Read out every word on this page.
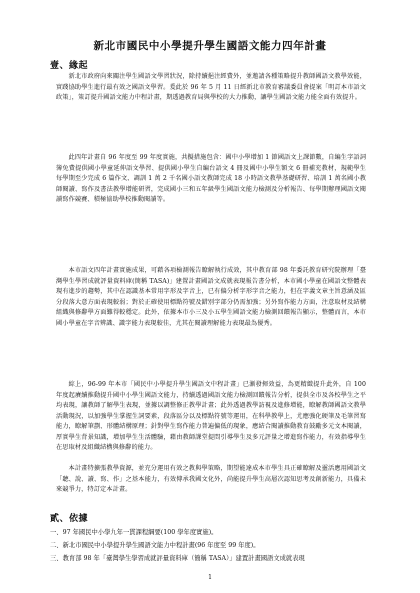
新北市國民中小學提升學生國語文能力四年計畫
壹、緣起

新北市政府向來關注學生國語文學習狀況，除持續挹注經費外，並邀請各種策略提升教師國語文教學效能，實踐協助學生進行最有效之國語文學習。爰此於 96 年 5 月 11 日經新北市教育審議委員會提案「明訂本市語文政策」，策訂提升國語文能力中程計畫，期透過教育局與學校的大力推動，讓學生國語文能力能全面有效提升。

此四年計畫自 96 年度至 99 年度實施，共擬措施包含：國中小學增加 1 節國語文上課節數，自編生字語詞簿免費提供國小學童延伸語文學習、提供國小學生自編台語文 4 冊及國中小學生額文 6 冊補充教材，規範學生每學期至少完成 6 篇作文、調訓 1 萬 2 千名國小語文教師完成 18 小時語文教學基礎研習、培訓 1 萬名國小教師閱讀、寫作及書法教學增能研習，完成國小三和五年級學生國語文能力檢測及分析報告、每學期辦理國語文閱讀寫作競賽、積極協助學校推動閱讀等。

本市語文四年計畫實施成果，可藉各項檢測報告瞭解執行成效，其中教育部 98 年委託教育研究院辦理「臺灣學生學習成就評量資料庫(簡稱 TASA)」建置計畫國語文成就表現報告書分析，本市國小學童在國語文整體表現有進步的趨勢，其中在認識基本常用字形及字音上，已有偏分析字形字音之能力，但在字義文章主旨意涵及區分段落大意方面表現較弱；對於正確使用標點符號及錯別字部分仍需加強；另外寫作能力方面，注意取材及結構組織與修辭學方面難得較穩定。此外，依據本市小三及小五學生國語文能力檢測回饋報告顯示，整體而言，本市國小學童在字音辨識、識字能力表現較佳，尤其在閱讀理解能力表現最為優秀。

綜上，96-99 年本市「國民中小學提升學生國語文中程計畫」已漸發揮效益，為更精緻提升此外，自 100 年度起賡續推動提升國中小學生國語文能力，持續透過國語文能力檢測回饋報告分析，提供全市及各校學生之平均表現，讓教師了解學生表現，並據以調整修正教學計畫；此外透過教學訪視及進修增能，瞭解教師國語文教學活動現況，以加強學生掌握生詞要素，段落區分以及標點符號等運用，在科學教學上，尤應強化硬筆及毛筆習寫能力，瞭解筆劃、形體結構原理；針對學生寫作能力普遍偏低的現象，應結合閱讀推動教育鼓勵多元文本閱讀，厚實學生背景知識，增加學生生活體驗，藉由教師課堂提問引導學生及多元評量之增進寫作能力，有效指導學生在思取材及組織結構與修辭的能力。

本計畫特擴張教學資源，並充分運用有效之教與學策略，期望能達成本市學生具正確瞭解及靈活應用國語文「聽、說、讀、寫、作」之基本能力，有效傳承我國文化外，尚能提升學生高層次認知思考及創新能力，具備未來競爭力，特訂定本計畫。

貳、依據
一、97 年國民中小學九年一貫課程綱要(100 學年度實施)。
二、新北市國民中小學提升學生國語文能力中程計畫(96 年度至 99 年度)。
三、教育部 98 年「臺灣學生學習成就評量資料庫（簡稱 TASA）」建置計畫國語文成就表現
1
